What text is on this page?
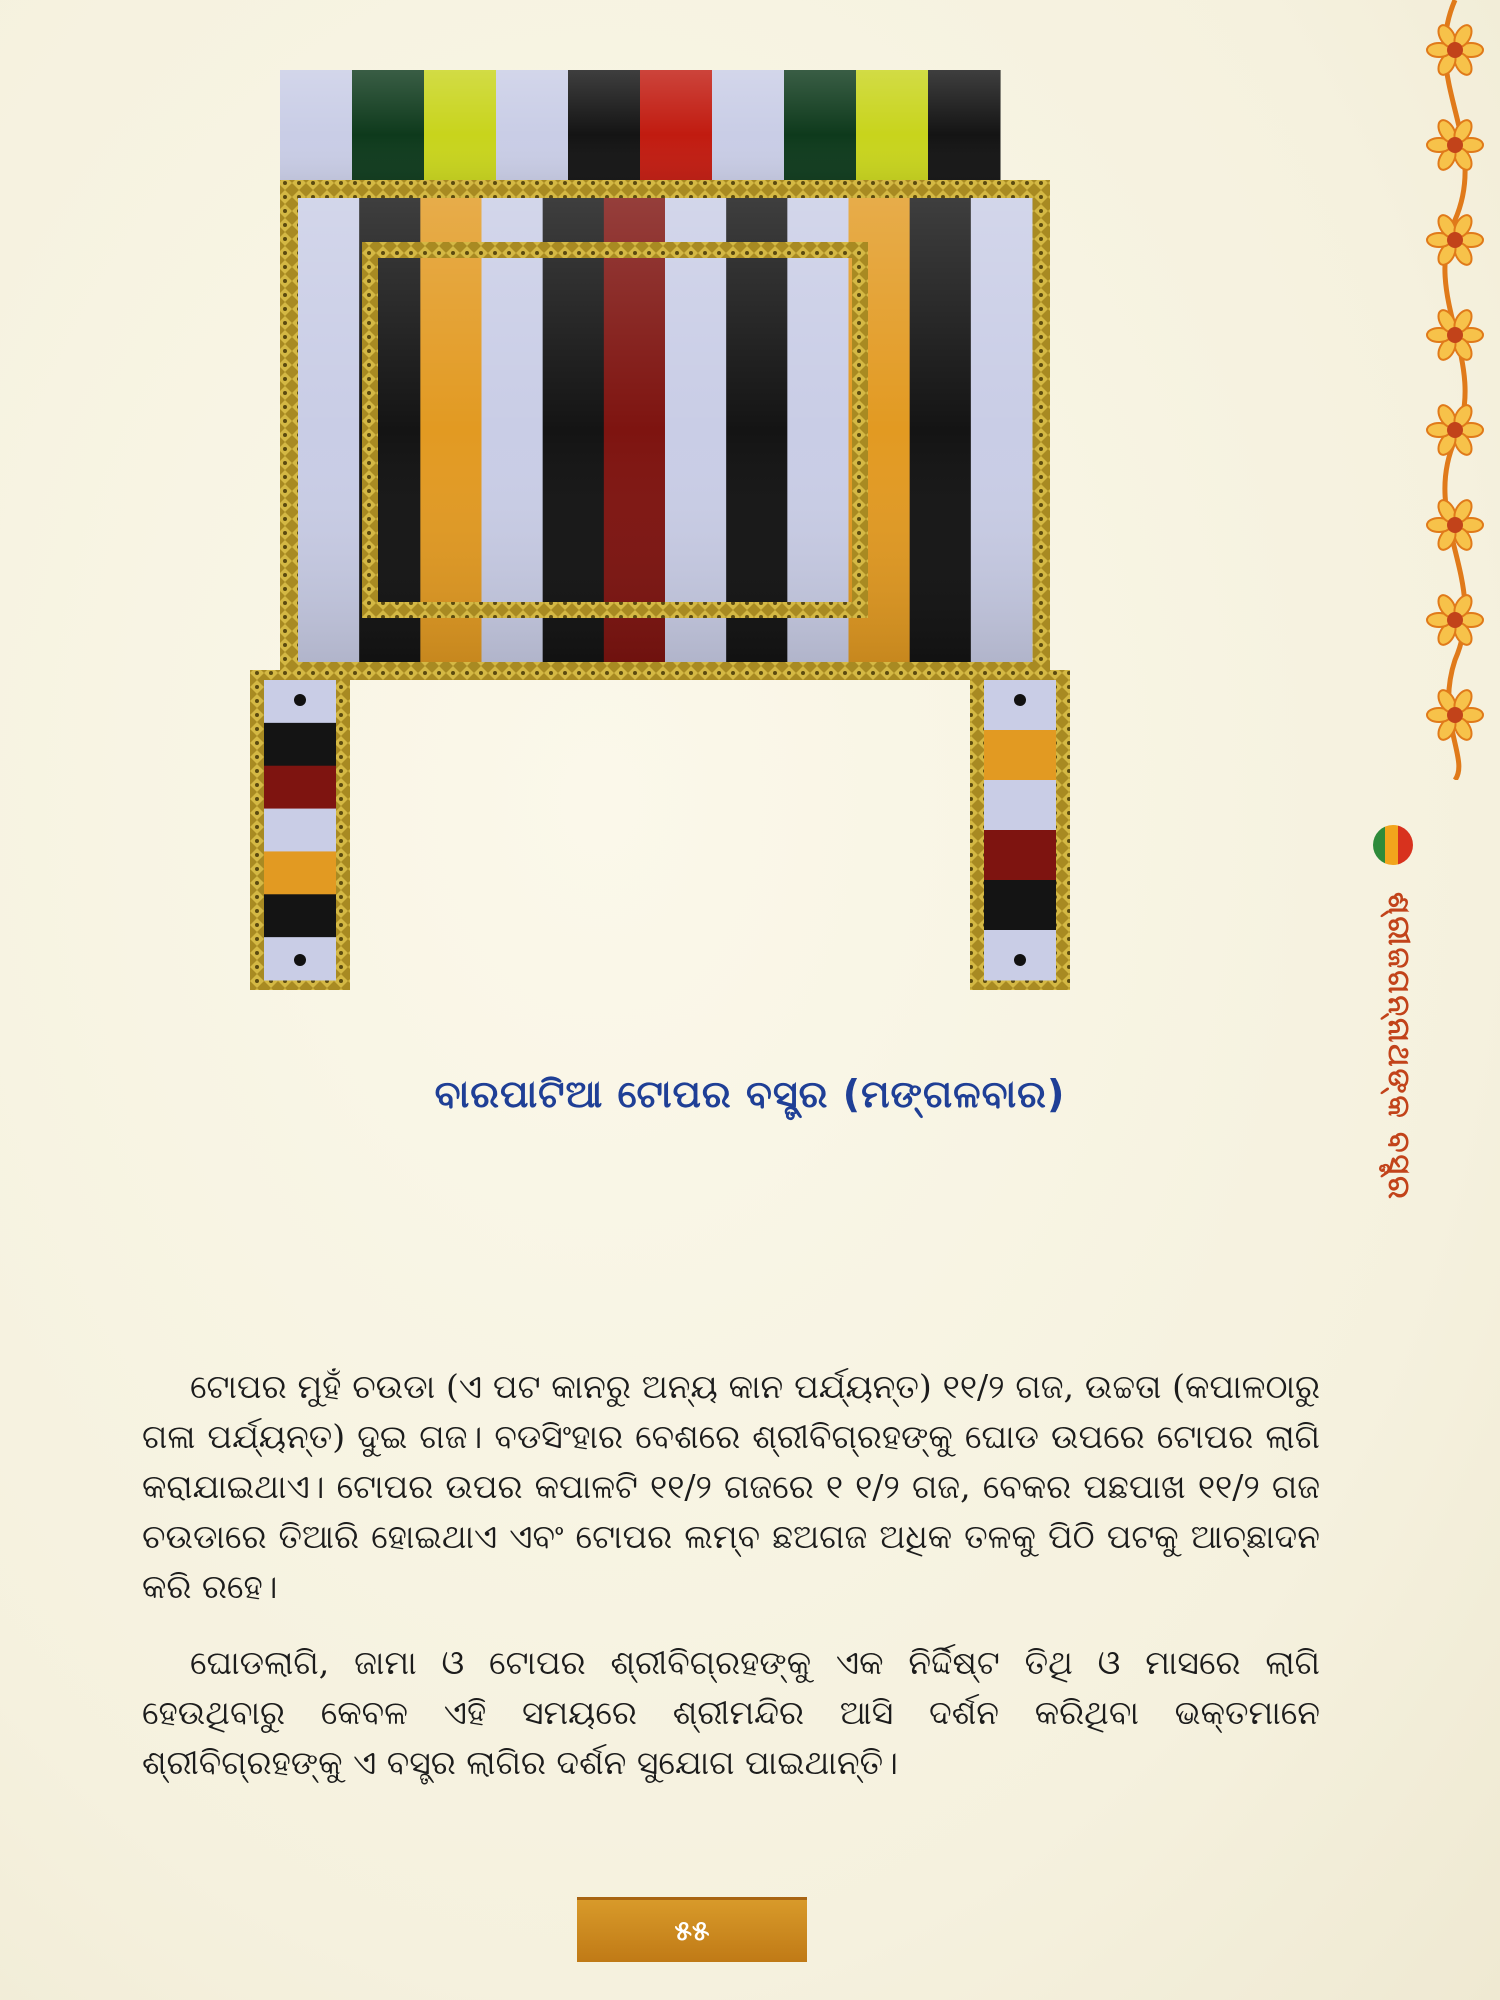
ଶ୍ରୀଜଗନ୍ନାଥଙ୍କ ବସ୍ତ୍ର
ବାରପାଟିଆ ଟୋପର ବସ୍ତ୍ର (ମଙ୍ଗଳବାର)

ଟୋପର ମୁହଁ ଚଉଡା (ଏ ପଟ କାନରୁ ଅନ୍ୟ କାନ ପର୍ଯ୍ୟନ୍ତ) ୧୧/୨ ଗଜ, ଉଚ୍ଚତା (କପାଳଠାରୁ ଗଳା ପର୍ଯ୍ୟନ୍ତ) ଦୁଇ ଗଜ। ବଡସିଂହାର ବେଶରେ ଶ୍ରୀବିଗ୍ରହଙ୍କୁ ଘୋଡ ଉପରେ ଟୋପର ଲାଗି କରାଯାଇଥାଏ। ଟୋପର ଉପର କପାଳଟି ୧୧/୨ ଗଜରେ ୧ ୧/୨ ଗଜ, ବେକର ପଛପାଖ ୧୧/୨ ଗଜ ଚଉଡାରେ ତିଆରି ହୋଇଥାଏ ଏବଂ ଟୋପର ଲମ୍ବ ଛଅଗଜ ଅଧିକ ତଳକୁ ପିଠି ପଟକୁ ଆଚ୍ଛାଦନ କରି ରହେ।

ଘୋଡଲାଗି, ଜାମା ଓ ଟୋପର ଶ୍ରୀବିଗ୍ରହଙ୍କୁ ଏକ ନିର୍ଦ୍ଦିଷ୍ଟ ତିଥି ଓ ମାସରେ ଲାଗି ହେଉଥିବାରୁ କେବଳ ଏହି ସମୟରେ ଶ୍ରୀମନ୍ଦିର ଆସି ଦର୍ଶନ କରିଥିବା ଭକ୍ତମାନେ ଶ୍ରୀବିଗ୍ରହଙ୍କୁ ଏ ବସ୍ତ୍ର ଲାଗିର ଦର୍ଶନ ସୁଯୋଗ ପାଇଥାନ୍ତି।

୫୫
